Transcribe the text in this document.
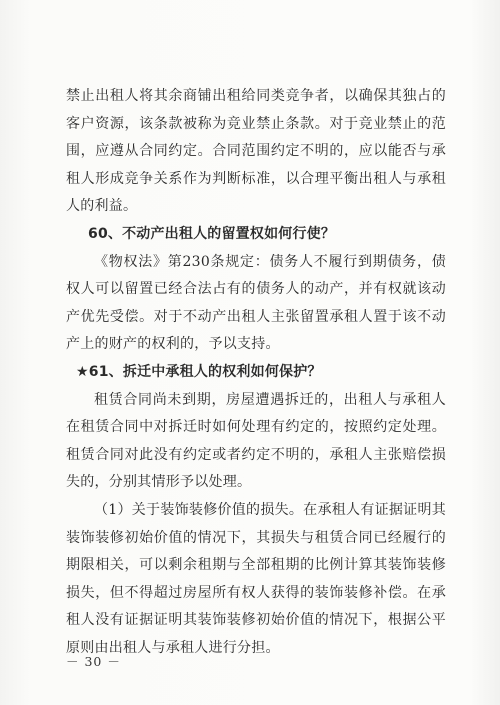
禁止出租人将其余商铺出租给同类竞争者，以确保其独占的客户资源，该条款被称为竞业禁止条款。对于竞业禁止的范围，应遵从合同约定。合同范围约定不明的，应以能否与承租人形成竞争关系作为判断标准，以合理平衡出租人与承租人的利益。

60、不动产出租人的留置权如何行使？

《物权法》第230条规定：债务人不履行到期债务，债权人可以留置已经合法占有的债务人的动产，并有权就该动产优先受偿。对于不动产出租人主张留置承租人置于该不动产上的财产的权利的，予以支持。

★61、拆迁中承租人的权利如何保护？

租赁合同尚未到期，房屋遭遇拆迁的，出租人与承租人在租赁合同中对拆迁时如何处理有约定的，按照约定处理。租赁合同对此没有约定或者约定不明的，承租人主张赔偿损失的，分别其情形予以处理。

（1）关于装饰装修价值的损失。在承租人有证据证明其装饰装修初始价值的情况下，其损失与租赁合同已经履行的期限相关，可以剩余租期与全部租期的比例计算其装饰装修损失，但不得超过房屋所有权人获得的装饰装修补偿。在承租人没有证据证明其装饰装修初始价值的情况下，根据公平原则由出租人与承租人进行分担。

－ 30 －
